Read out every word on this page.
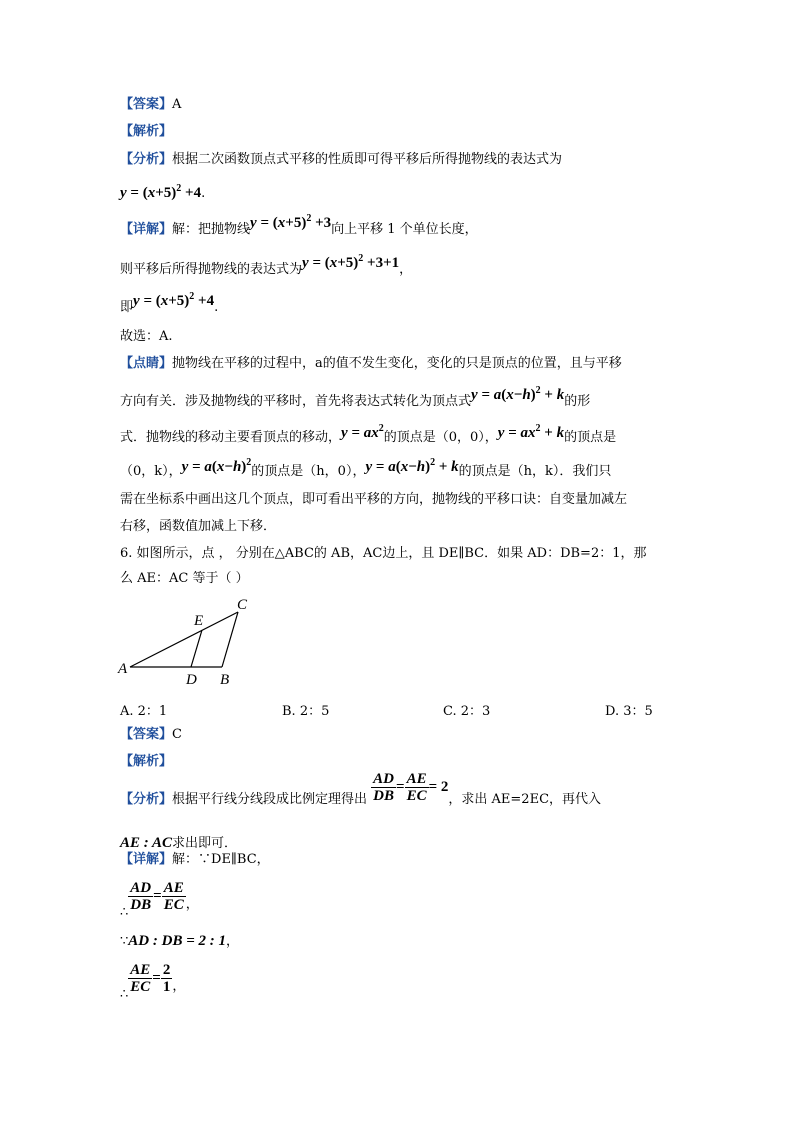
【答案】A
【解析】
【分析】根据二次函数顶点式平移的性质即可得平移后所得抛物线的表达式为
$y = (x+5)^2 +4$.
【详解】解：把抛物线$y = (x+5)^2 +3$向上平移 1 个单位长度，
则平移后所得抛物线的表达式为$y = (x+5)^2 +3+1$，
即$y = (x+5)^2 +4$.
故选：A.
【点睛】抛物线在平移的过程中，a的值不发生变化，变化的只是顶点的位置，且与平移
方向有关．涉及抛物线的平移时，首先将表达式转化为顶点式$y = a(x-h)^2 + k$的形
式．抛物线的移动主要看顶点的移动，$y = ax^2$的顶点是（0，0），$y = ax^2 + k$的顶点是
（0，k），$y = a(x-h)^2$的顶点是（h，0），$y = a(x-h)^2 + k$的顶点是（h，k）．我们只
需在坐标系中画出这几个顶点，即可看出平移的方向，抛物线的平移口诀：自变量加减左
右移，函数值加减上下移．
6. 如图所示，点 ， 分别在△ABC的 AB，AC边上，且 DE∥BC．如果 AD：DB=2：1，那
么 AE：AC 等于（ ）
A
B
C
D
E
A. 2：1	B. 2：5	C. 2：3	D. 3：5
【答案】C
【解析】
【分析】根据平行线分线段成比例定理得出 $\frac{AD}{DB} = \frac{AE}{EC} = 2$，求出 AE=2EC，再代入
AE : AC求出即可．
【详解】解：∵DE∥BC，
∴ $\frac{AD}{DB} = \frac{AE}{EC}$ ，
∵AD : DB = 2 : 1，
∴ $\frac{AE}{EC} = \frac{2}{1}$ ，
